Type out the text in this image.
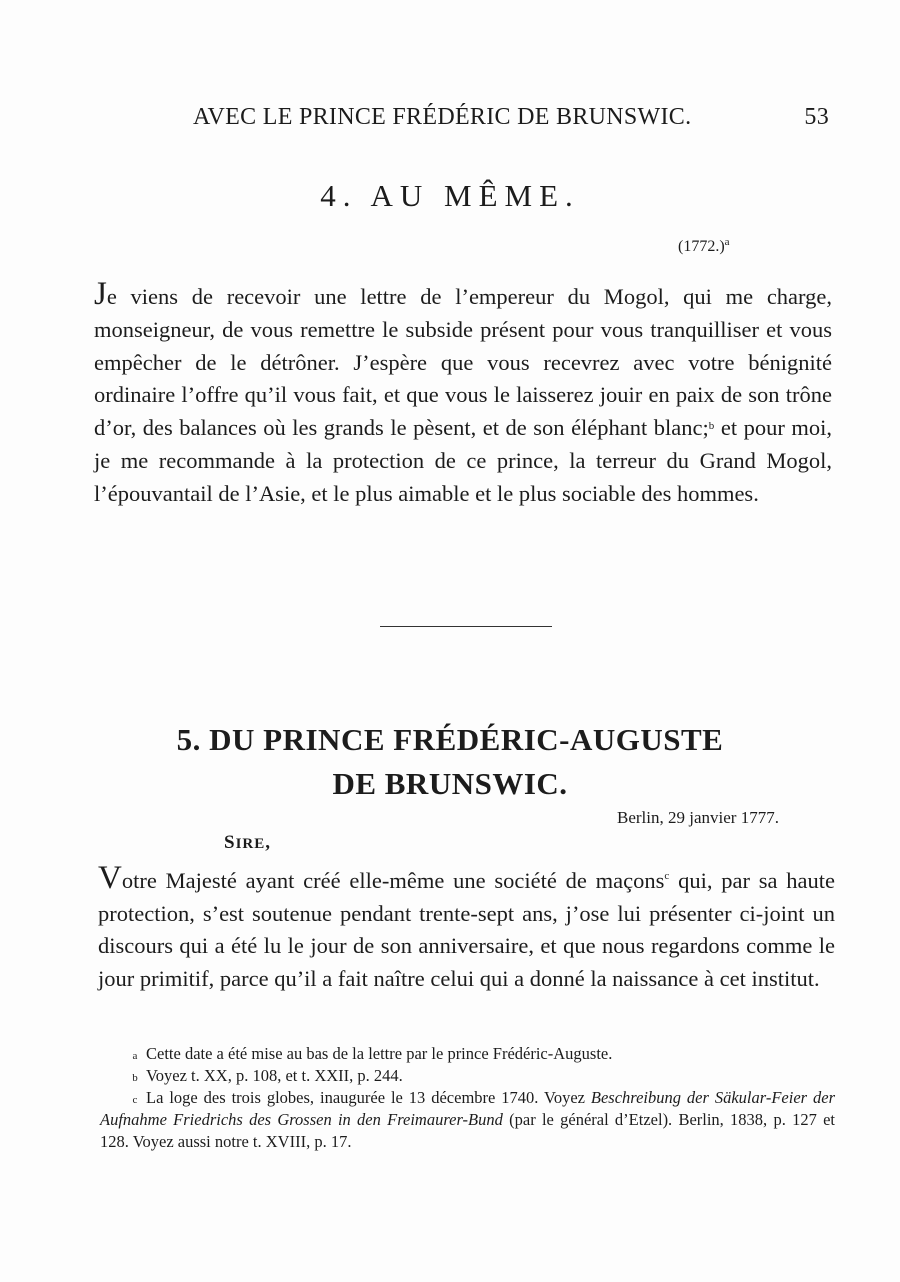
AVEC LE PRINCE FRÉDÉRIC DE BRUNSWIC.	53
4. AU MÊME.
$(1772.)^a$
Je viens de recevoir une lettre de l’empereur du Mogol, qui me charge, monseigneur, de vous remettre le subside présent pour vous tranquilliser et vous empêcher de le détrôner. J’espère que vous recevrez avec votre bénignité ordinaire l’offre qu’il vous fait, et que vous le laisserez jouir en paix de son trône d’or, des balances où les grands le pèsent, et de son éléphant blanc;$^b$ et pour moi, je me recommande à la protection de ce prince, la terreur du Grand Mogol, l’épouvantail de l’Asie, et le plus aimable et le plus sociable des hommes.
5. DU PRINCE FRÉDÉRIC-AUGUSTE
DE BRUNSWIC.
Berlin, 29 janvier 1777.
SIRE,
Votre Majesté ayant créé elle-même une société de maçons$^c$ qui, par sa haute protection, s’est soutenue pendant trente-sept ans, j’ose lui présenter ci-joint un discours qui a été lu le jour de son anniversaire, et que nous regardons comme le jour primitif, parce qu’il a fait naître celui qui a donné la naissance à cet institut.

a Cette date a été mise au bas de la lettre par le prince Frédéric-Auguste.

b Voyez t. XX, p. 108, et t. XXII, p. 244.

c La loge des trois globes, inaugurée le 13 décembre 1740. Voyez Beschreibung der Säkular-Feier der Aufnahme Friedrichs des Grossen in den Freimaurer-Bund (par le général d’Etzel). Berlin, 1838, p. 127 et 128. Voyez aussi notre t. XVIII, p. 17.
